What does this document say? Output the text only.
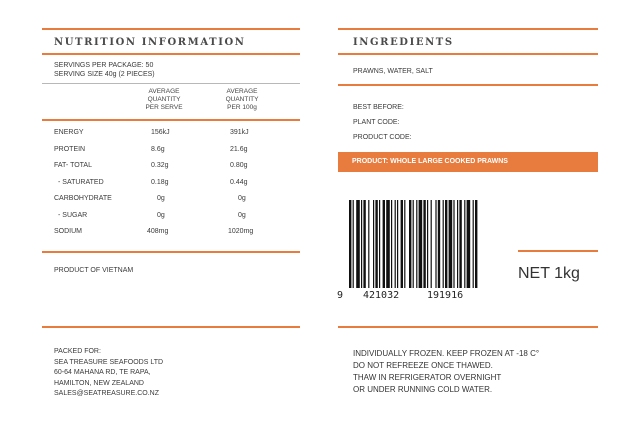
NUTRITION INFORMATION
SERVINGS PER PACKAGE: 50
SERVING SIZE 40g (2 PIECES)
AVERAGE
QUANTITY
PER SERVE
AVERAGE
QUANTITY
PER 100g
ENERGY	156kJ	391kJ
PROTEIN	8.6g	21.6g
FAT- TOTAL	0.32g	0.80g
- SATURATED	0.18g	0.44g
CARBOHYDRATE	0g	0g
- SUGAR	0g	0g
SODIUM	408mg	1020mg
PRODUCT OF VIETNAM
PACKED FOR:
SEA TREASURE SEAFOODS LTD
60-64 MAHANA RD, TE RAPA,
HAMILTON, NEW ZEALAND
SALES@SEATREASURE.CO.NZ
INGREDIENTS
PRAWNS, WATER, SALT
BEST BEFORE:
PLANT CODE:
PRODUCT CODE:
PRODUCT: WHOLE LARGE COOKED PRAWNS
9 421032	191916
NET 1kg
INDIVIDUALLY FROZEN. KEEP FROZEN AT -18 C°
DO NOT REFREEZE ONCE THAWED.
THAW IN REFRIGERATOR OVERNIGHT
OR UNDER RUNNING COLD WATER.
